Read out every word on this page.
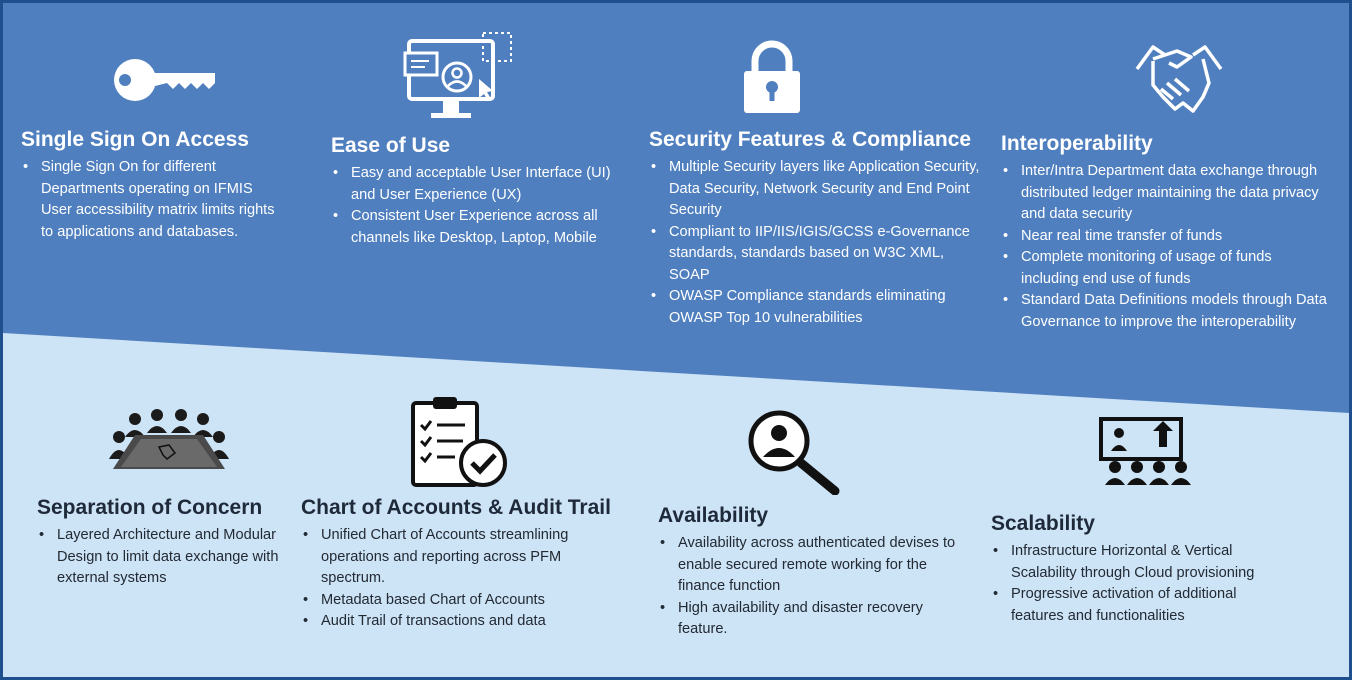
Single Sign On Access
• Single Sign On for different Departments operating on IFMIS User accessibility matrix limits rights to applications and databases.
Ease of Use
• Easy and acceptable User Interface (UI) and User Experience (UX)
• Consistent User Experience across all channels like Desktop, Laptop, Mobile
Security Features & Compliance
• Multiple Security layers like Application Security, Data Security, Network Security and End Point Security
• Compliant to IIP/IIS/IGIS/GCSS e-Governance standards, standards based on W3C XML, SOAP
• OWASP Compliance standards eliminating OWASP Top 10 vulnerabilities
Interoperability
• Inter/Intra Department data exchange through distributed ledger maintaining the data privacy and data security
• Near real time transfer of funds
• Complete monitoring of usage of funds including end use of funds
• Standard Data Definitions models through Data Governance to improve the interoperability
Separation of Concern
• Layered Architecture and Modular Design to limit data exchange with external systems
Chart of Accounts & Audit Trail
• Unified Chart of Accounts streamlining operations and reporting across PFM spectrum.
• Metadata based Chart of Accounts
• Audit Trail of transactions and data
Availability
• Availability across authenticated devises to enable secured remote working for the finance function
• High availability and disaster recovery feature.
Scalability
• Infrastructure Horizontal & Vertical Scalability through Cloud provisioning
• Progressive activation of additional features and functionalities
